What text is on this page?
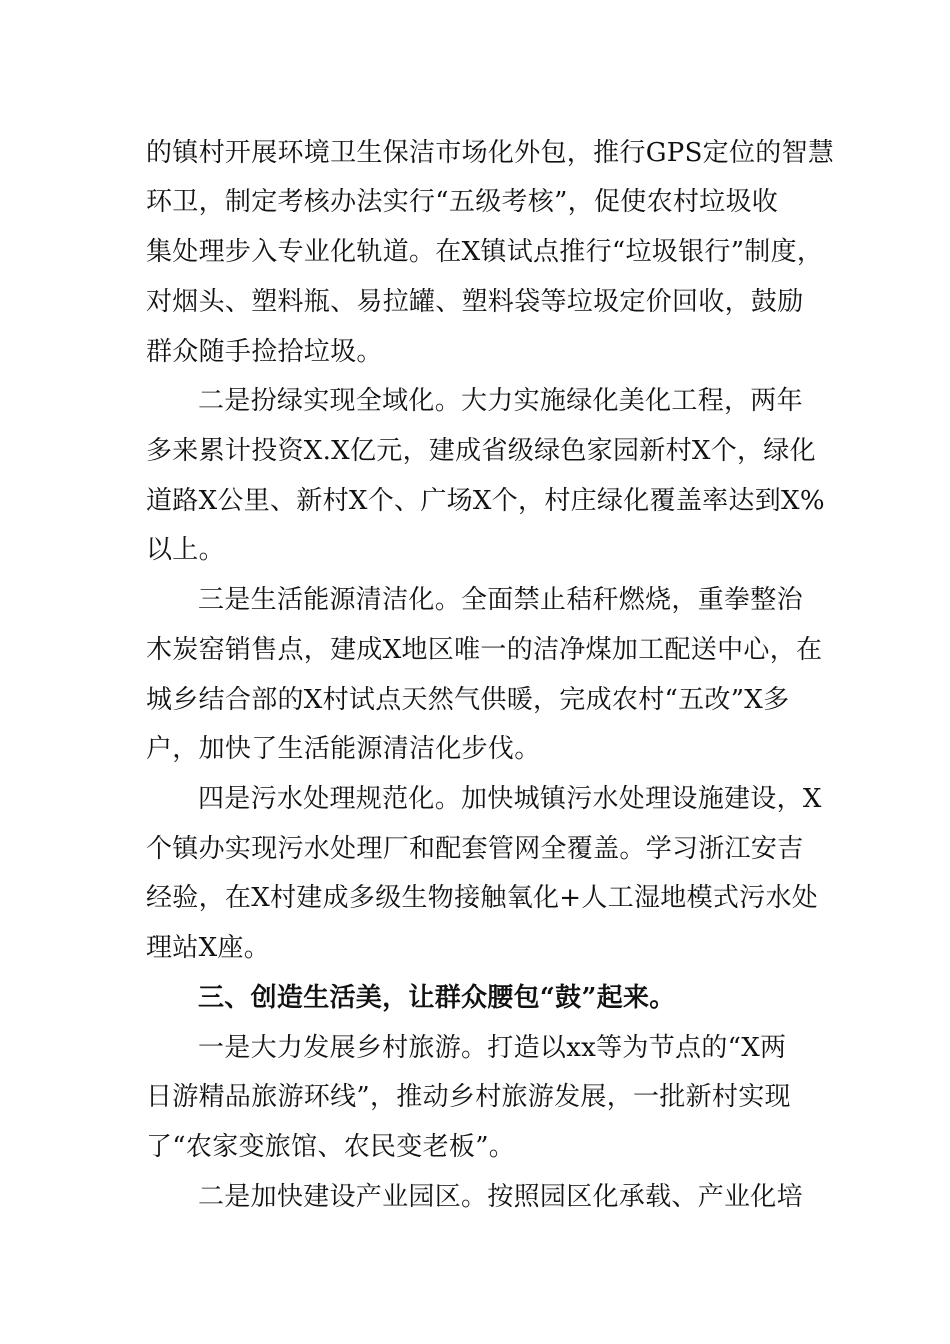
的镇村开展环境卫生保洁市场化外包，推行GPS定位的智慧
环卫，制定考核办法实行“五级考核”，促使农村垃圾收
集处理步入专业化轨道。在X镇试点推行“垃圾银行”制度，
对烟头、塑料瓶、易拉罐、塑料袋等垃圾定价回收，鼓励
群众随手捡拾垃圾。
二是扮绿实现全域化。大力实施绿化美化工程，两年
多来累计投资X.X亿元，建成省级绿色家园新村X个，绿化
道路X公里、新村X个、广场X个，村庄绿化覆盖率达到X%
以上。
三是生活能源清洁化。全面禁止秸秆燃烧，重拳整治
木炭窑销售点，建成X地区唯一的洁净煤加工配送中心，在
城乡结合部的X村试点天然气供暖，完成农村“五改”X多
户，加快了生活能源清洁化步伐。
四是污水处理规范化。加快城镇污水处理设施建设，X
个镇办实现污水处理厂和配套管网全覆盖。学习浙江安吉
经验，在X村建成多级生物接触氧化+人工湿地模式污水处
理站X座。
三、创造生活美，让群众腰包“鼓”起来。
一是大力发展乡村旅游。打造以xx等为节点的“X两
日游精品旅游环线”，推动乡村旅游发展，一批新村实现
了“农家变旅馆、农民变老板”。
二是加快建设产业园区。按照园区化承载、产业化培
